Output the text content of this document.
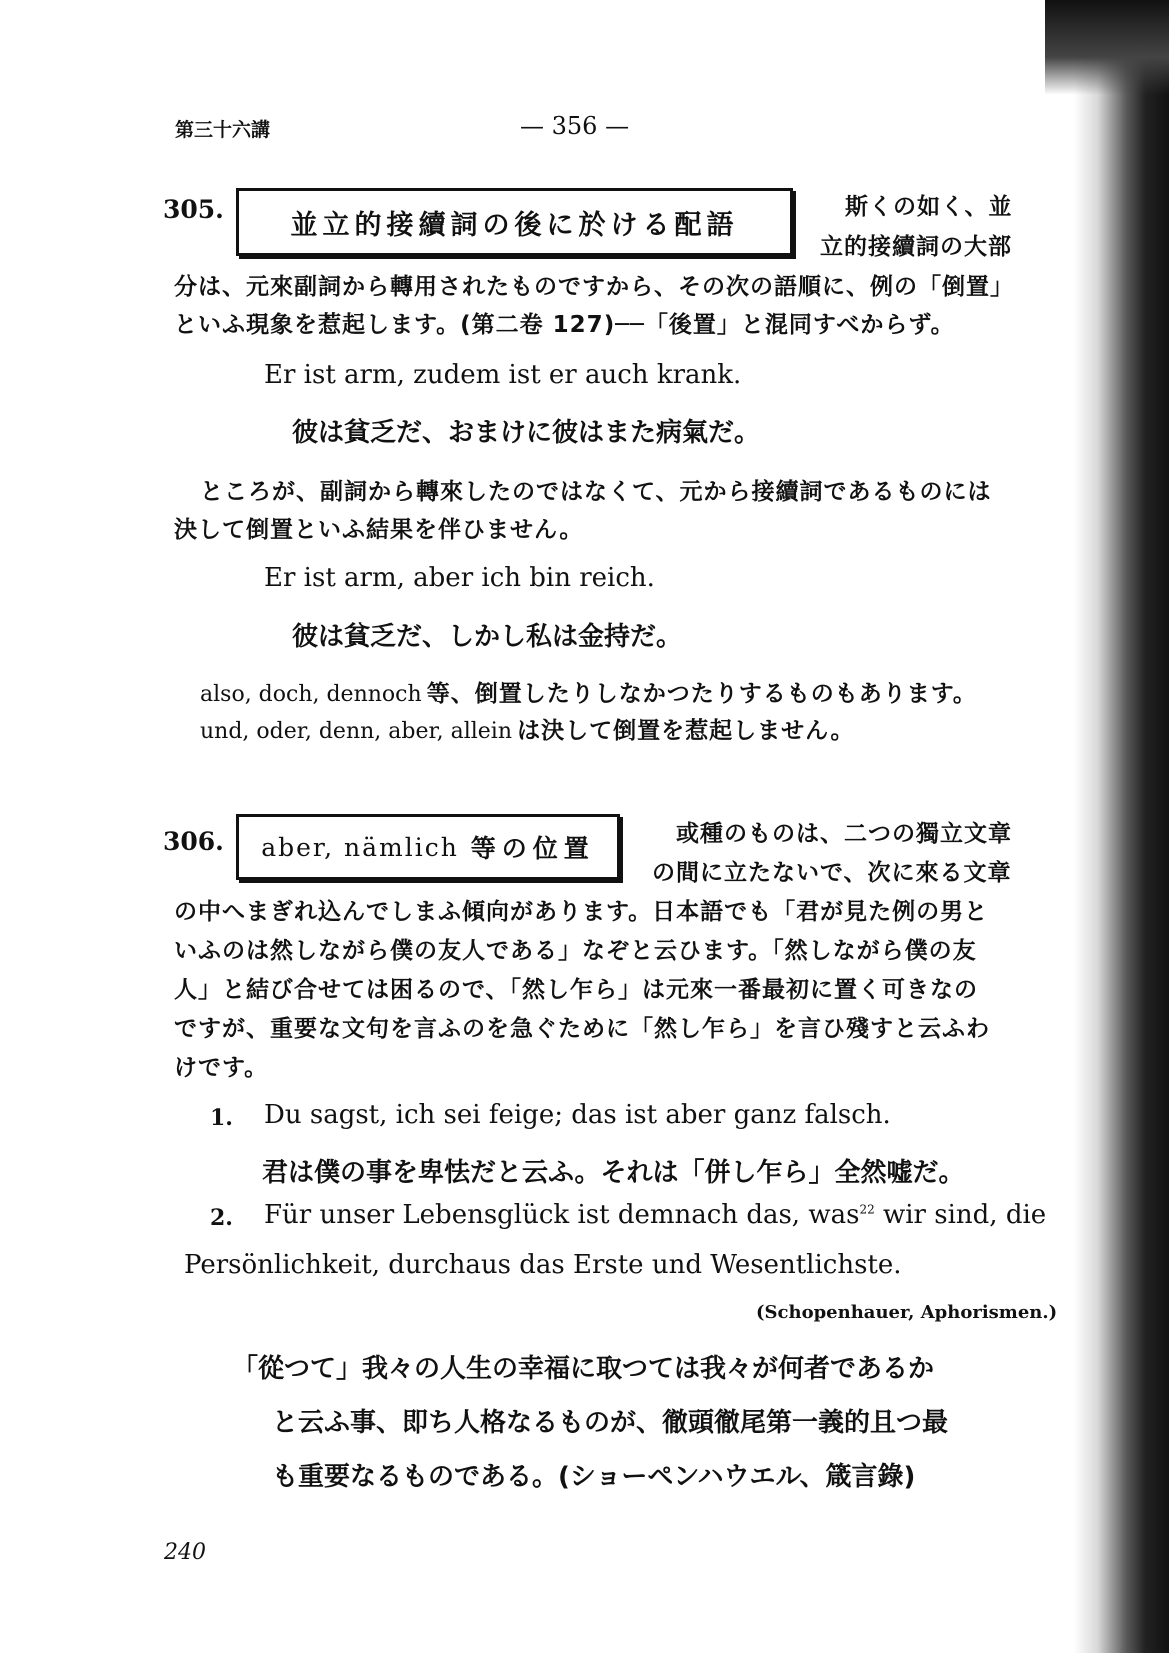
第三十六講	— 356 —
305.	並立的接續詞の後に於ける配語
斯くの如く、並
立的接續詞の大部
分は、元來副詞から轉用されたものですから、その次の語順に、例の「倒置」
といふ現象を惹起します。(第二卷 127)──「後置」と混同すべからず。
Er ist arm, zudem ist er auch krank.
彼は貧乏だ、おまけに彼はまた病氣だ。
ところが、副詞から轉來したのではなくて、元から接續詞であるものには
決して倒置といふ結果を伴ひません。
Er ist arm, aber ich bin reich.
彼は貧乏だ、しかし私は金持だ。
also, doch, dennoch 等、倒置したりしなかつたりするものもあります。
und, oder, denn, aber, allein は決して倒置を惹起しません。
306. aber, nämlich 等の位置	或種のものは、二つの獨立文章
の間に立たないで、次に來る文章
の中へまぎれ込んでしまふ傾向があります。日本語でも「君が見た例の男と
いふのは然しながら僕の友人である」なぞと云ひます。「然しながら僕の友
人」と結び合せては困るので、「然し乍ら」は元來一番最初に置く可きなの
ですが、重要な文句を言ふのを急ぐために「然し乍ら」を言ひ殘すと云ふわ
けです。
1. Du sagst, ich sei feige; das ist aber ganz falsch.
君は僕の事を卑怯だと云ふ。それは「併し乍ら」全然嘘だ。
2. Für unser Lebensglück ist demnach das, was$^{22}$ wir sind, die
Persönlichkeit, durchaus das Erste und Wesentlichste.
(Schopenhauer, Aphorismen.)
「從つて」我々の人生の幸福に取つては我々が何者であるか
と云ふ事、即ち人格なるものが、徹頭徹尾第一義的且つ最
も重要なるものである。(ショーペンハウエル、箴言錄)
240
